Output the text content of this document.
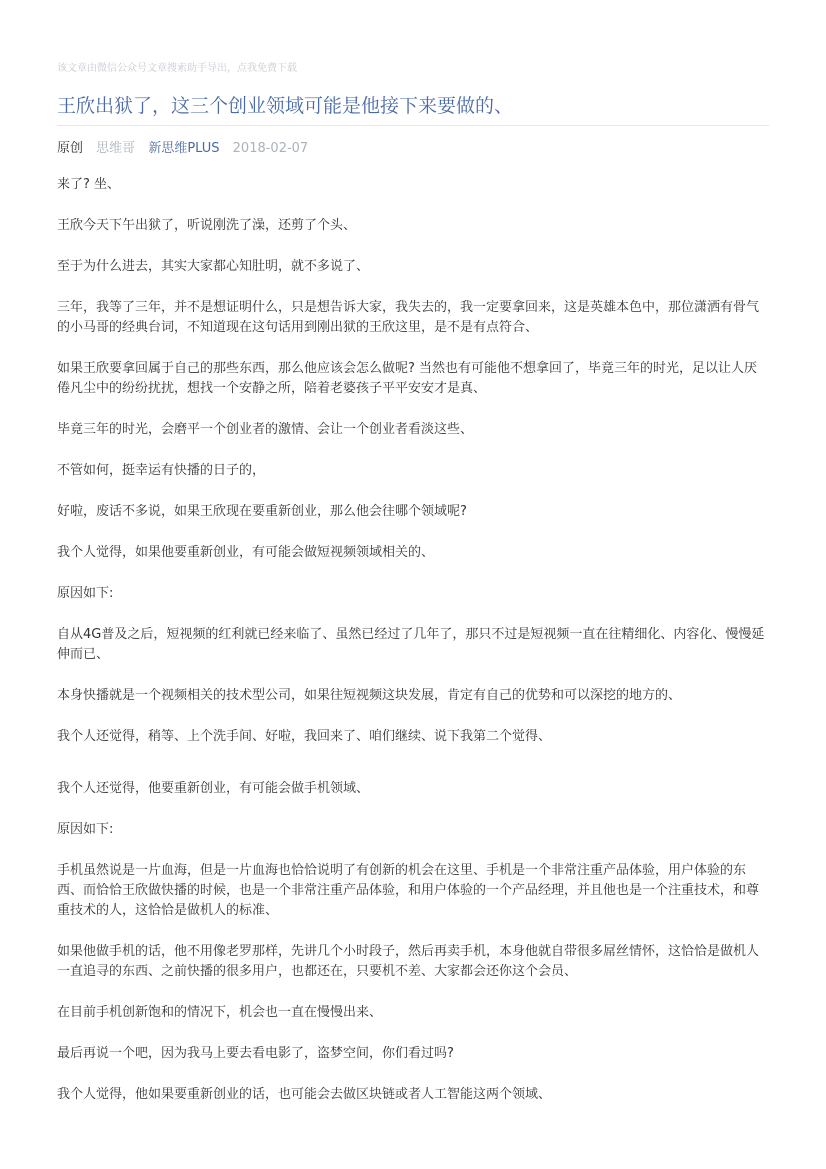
该文章由微信公众号文章搜索助手导出，点我免费下载
王欣出狱了，这三个创业领域可能是他接下来要做的、
原创 思维哥 新思维PLUS 2018-02-07

来了? 坐、

王欣今天下午出狱了，听说刚洗了澡，还剪了个头、

至于为什么进去，其实大家都心知肚明，就不多说了、

三年，我等了三年，并不是想证明什么，只是想告诉大家，我失去的，我一定要拿回来，这是英雄本色中，那位潇洒有骨气的小马哥的经典台词，不知道现在这句话用到刚出狱的王欣这里，是不是有点符合、

如果王欣要拿回属于自己的那些东西，那么他应该会怎么做呢? 当然也有可能他不想拿回了，毕竟三年的时光，足以让人厌倦凡尘中的纷纷扰扰，想找一个安静之所，陪着老婆孩子平平安安才是真、

毕竟三年的时光，会磨平一个创业者的激情、会让一个创业者看淡这些、

不管如何，挺幸运有快播的日子的，

好啦，废话不多说，如果王欣现在要重新创业，那么他会往哪个领域呢?

我个人觉得，如果他要重新创业，有可能会做短视频领域相关的、

原因如下:

自从4G普及之后，短视频的红利就已经来临了、虽然已经过了几年了，那只不过是短视频一直在往精细化、内容化、慢慢延伸而已、

本身快播就是一个视频相关的技术型公司，如果往短视频这块发展，肯定有自己的优势和可以深挖的地方的、

我个人还觉得，稍等、上个洗手间、好啦，我回来了、咱们继续、说下我第二个觉得、

我个人还觉得，他要重新创业，有可能会做手机领域、

原因如下:

手机虽然说是一片血海，但是一片血海也恰恰说明了有创新的机会在这里、手机是一个非常注重产品体验，用户体验的东西、而恰恰王欣做快播的时候，也是一个非常注重产品体验，和用户体验的一个产品经理，并且他也是一个注重技术，和尊重技术的人，这恰恰是做机人的标准、

如果他做手机的话，他不用像老罗那样，先讲几个小时段子，然后再卖手机，本身他就自带很多屌丝情怀，这恰恰是做机人一直追寻的东西、之前快播的很多用户，也都还在，只要机不差、大家都会还你这个会员、

在目前手机创新饱和的情况下，机会也一直在慢慢出来、

最后再说一个吧，因为我马上要去看电影了，盗梦空间，你们看过吗?

我个人觉得，他如果要重新创业的话，也可能会去做区块链或者人工智能这两个领域、
